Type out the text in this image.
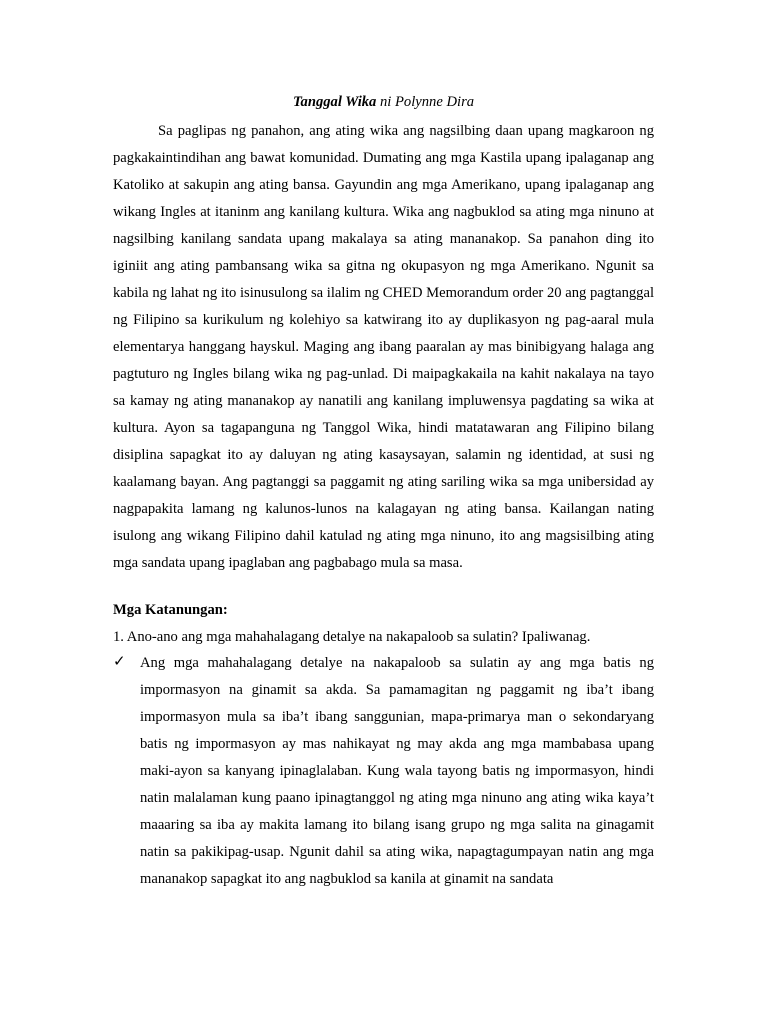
Tanggal Wika ni Polynne Dira

Sa paglipas ng panahon, ang ating wika ang nagsilbing daan upang magkaroon ng pagkakaintindihan ang bawat komunidad. Dumating ang mga Kastila upang ipalaganap ang Katoliko at sakupin ang ating bansa. Gayundin ang mga Amerikano, upang ipalaganap ang wikang Ingles at itaninm ang kanilang kultura. Wika ang nagbuklod sa ating mga ninuno at nagsilbing kanilang sandata upang makalaya sa ating mananakop. Sa panahon ding ito iginiit ang ating pambansang wika sa gitna ng okupasyon ng mga Amerikano. Ngunit sa kabila ng lahat ng ito isinusulong sa ilalim ng CHED Memorandum order 20 ang pagtanggal ng Filipino sa kurikulum ng kolehiyo sa katwirang ito ay duplikasyon ng pag-aaral mula elementarya hanggang hayskul. Maging ang ibang paaralan ay mas binibigyang halaga ang pagtuturo ng Ingles bilang wika ng pag-unlad. Di maipagkakaila na kahit nakalaya na tayo sa kamay ng ating mananakop ay nanatili ang kanilang impluwensya pagdating sa wika at kultura. Ayon sa tagapanguna ng Tanggol Wika, hindi matatawaran ang Filipino bilang disiplina sapagkat ito ay daluyan ng ating kasaysayan, salamin ng identidad, at susi ng kaalamang bayan. Ang pagtanggi sa paggamit ng ating sariling wika sa mga unibersidad ay nagpapakita lamang ng kalunos-lunos na kalagayan ng ating bansa. Kailangan nating isulong ang wikang Filipino dahil katulad ng ating mga ninuno, ito ang magsisilbing ating mga sandata upang ipaglaban ang pagbabago mula sa masa.

Mga Katanungan:

1. Ano-ano ang mga mahahalagang detalye na nakapaloob sa sulatin? Ipaliwanag.

✓ Ang mga mahahalagang detalye na nakapaloob sa sulatin ay ang mga batis ng impormasyon na ginamit sa akda. Sa pamamagitan ng paggamit ng iba’t ibang impormasyon mula sa iba’t ibang sanggunian, mapa-primarya man o sekondaryang batis ng impormasyon ay mas nahikayat ng may akda ang mga mambabasa upang maki-ayon sa kanyang ipinaglalaban. Kung wala tayong batis ng impormasyon, hindi natin malalaman kung paano ipinagtanggol ng ating mga ninuno ang ating wika kaya’t maaaring sa iba ay makita lamang ito bilang isang grupo ng mga salita na ginagamit natin sa pakikipag-usap. Ngunit dahil sa ating wika, napagtagumpayan natin ang mga mananakop sapagkat ito ang nagbuklod sa kanila at ginamit na sandata
